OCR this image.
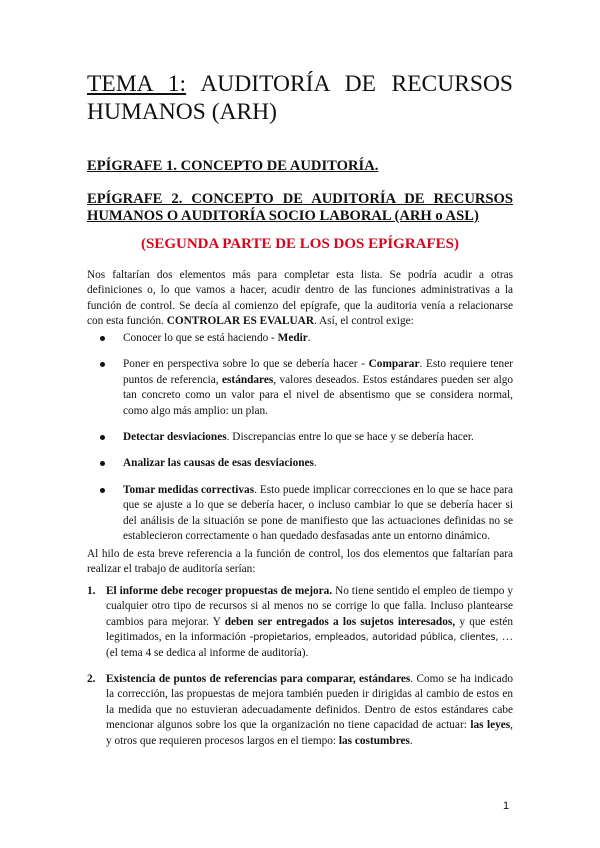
TEMA 1: AUDITORÍA DE RECURSOS HUMANOS (ARH)
EPÍGRAFE 1. CONCEPTO DE AUDITORÍA.
EPÍGRAFE 2. CONCEPTO DE AUDITORÍA DE RECURSOS HUMANOS O AUDITORÍA SOCIO LABORAL (ARH o ASL)
(SEGUNDA PARTE DE LOS DOS EPÍGRAFES)
Nos faltarían dos elementos más para completar esta lista. Se podría acudir a otras definiciones o, lo que vamos a hacer, acudir dentro de las funciones administrativas a la función de control. Se decía al comienzo del epígrafe, que la auditoria venía a relacionarse con esta función. CONTROLAR ES EVALUAR. Así, el control exige:
Conocer lo que se está haciendo - Medir.
Poner en perspectiva sobre lo que se debería hacer - Comparar. Esto requiere tener puntos de referencia, estándares, valores deseados. Estos estándares pueden ser algo tan concreto como un valor para el nivel de absentismo que se considera normal, como algo más amplio: un plan.
Detectar desviaciones. Discrepancias entre lo que se hace y se debería hacer.
Analizar las causas de esas desviaciones.
Tomar medidas correctivas. Esto puede implicar correcciones en lo que se hace para que se ajuste a lo que se debería hacer, o incluso cambiar lo que se debería hacer si del análisis de la situación se pone de manifiesto que las actuaciones definidas no se establecieron correctamente o han quedado desfasadas ante un entorno dinámico.
Al hilo de esta breve referencia a la función de control, los dos elementos que faltarían para realizar el trabajo de auditoría serían:
1. El informe debe recoger propuestas de mejora. No tiene sentido el empleo de tiempo y cualquier otro tipo de recursos si al menos no se corrige lo que falla. Incluso plantearse cambios para mejorar. Y deben ser entregados a los sujetos interesados, y que estén legitimados, en la información -propietarios, empleados, autoridad pública, clientes, … (el tema 4 se dedica al informe de auditoría).
2. Existencia de puntos de referencias para comparar, estándares. Como se ha indicado la corrección, las propuestas de mejora también pueden ir dirigidas al cambio de estos en la medida que no estuvieran adecuadamente definidos. Dentro de estos estándares cabe mencionar algunos sobre los que la organización no tiene capacidad de actuar: las leyes, y otros que requieren procesos largos en el tiempo: las costumbres.
1
